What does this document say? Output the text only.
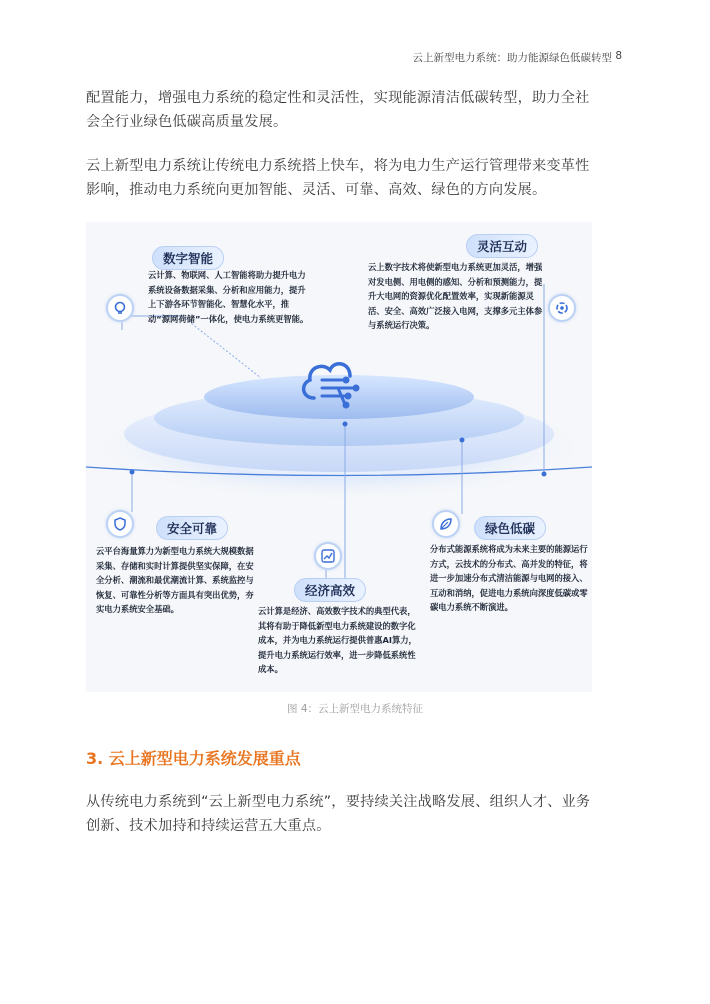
云上新型电力系统：助力能源绿色低碳转型 8

配置能力，增强电力系统的稳定性和灵活性，实现能源清洁低碳转型，助力全社会全行业绿色低碳高质量发展。

云上新型电力系统让传统电力系统搭上快车，将为电力生产运行管理带来变革性影响，推动电力系统向更加智能、灵活、可靠、高效、绿色的方向发展。

数字智能

云计算、物联网、人工智能将助力提升电力系统设备数据采集、分析和应用能力，提升上下游各环节智能化、智慧化水平，推动“源网荷储”一体化，使电力系统更智能。

灵活互动

云上数字技术将使新型电力系统更加灵活，增强对发电侧、用电侧的感知、分析和预测能力，提升大电网的资源优化配置效率，实现新能源灵活、安全、高效广泛接入电网，支撑多元主体参与系统运行决策。

安全可靠

云平台海量算力为新型电力系统大规模数据采集、存储和实时计算提供坚实保障，在安全分析、潮流和最优潮流计算、系统监控与恢复、可靠性分析等方面具有突出优势，夯实电力系统安全基础。

经济高效

云计算是经济、高效数字技术的典型代表，其将有助于降低新型电力系统建设的数字化成本，并为电力系统运行提供普惠AI算力，提升电力系统运行效率，进一步降低系统性成本。

绿色低碳

分布式能源系统将成为未来主要的能源运行方式，云技术的分布式、高并发的特征，将进一步加速分布式清洁能源与电网的接入、互动和消纳，促进电力系统向深度低碳或零碳电力系统不断演进。

图 4：云上新型电力系统特征
3. 云上新型电力系统发展重点

从传统电力系统到“云上新型电力系统”，要持续关注战略发展、组织人才、业务创新、技术加持和持续运营五大重点。
